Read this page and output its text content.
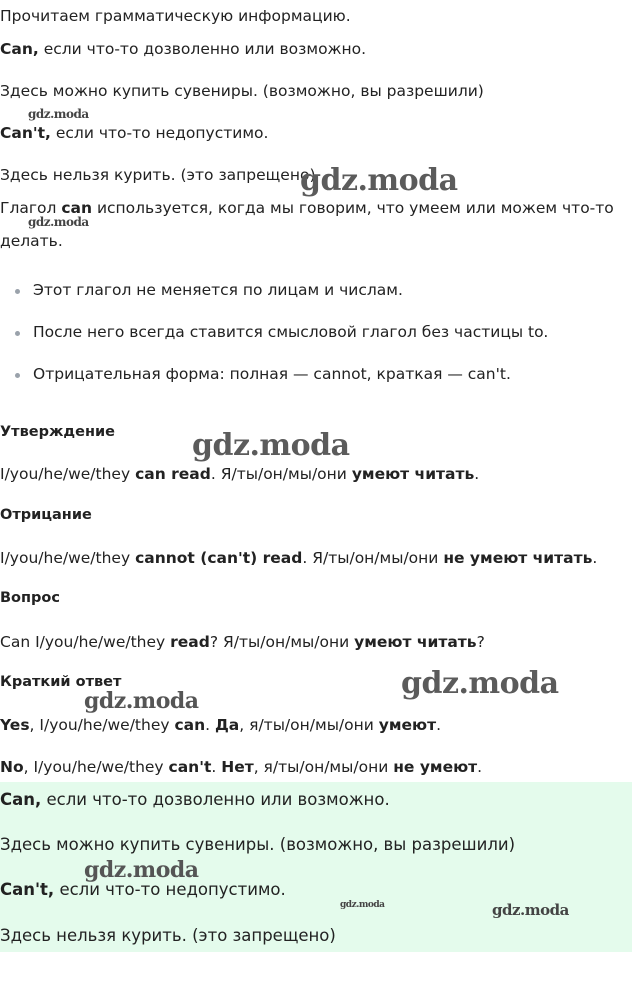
Прочитаем грамматическую информацию.
Can, если что-то дозволенно или возможно.
Здесь можно купить сувениры. (возможно, вы разрешили)
Can't, если что-то недопустимо.
Здесь нельзя курить. (это запрещено)
Глагол can используется, когда мы говорим, что умеем или можем что-то
делать.
Этот глагол не меняется по лицам и числам.
После него всегда ставится смысловой глагол без частицы to.
Отрицательная форма: полная — cannot, краткая — can't.
Утверждение
I/you/he/we/they can read. Я/ты/он/мы/они умеют читать.
Отрицание
I/you/he/we/they cannot (can't) read. Я/ты/он/мы/они не умеют читать.
Вопрос
Can I/you/he/we/they read? Я/ты/он/мы/они умеют читать?
Краткий ответ
Yes, I/you/he/we/they can. Да, я/ты/он/мы/они умеют.
No, I/you/he/we/they can't. Нет, я/ты/он/мы/они не умеют.
Can, если что-то дозволенно или возможно.
Здесь можно купить сувениры. (возможно, вы разрешили)
Can't, если что-то недопустимо.
Здесь нельзя курить. (это запрещено)
gdz.moda
gdz.moda
gdz.moda
gdz.moda
gdz.moda
gdz.moda
gdz.moda
gdz.moda	gdz.moda
